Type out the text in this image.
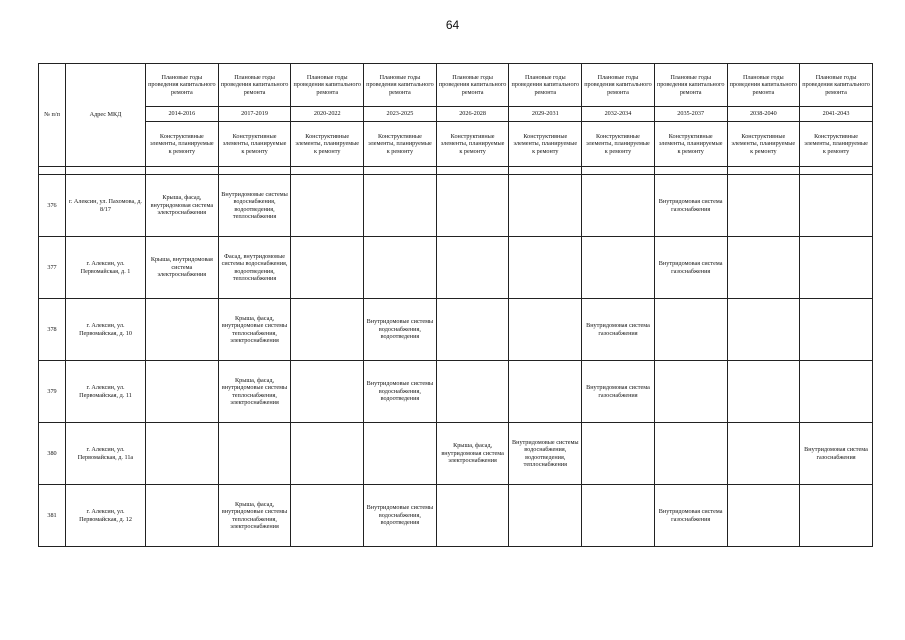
64
№ п/п	Адрес МКД	Плановые годы проведения капитального ремонта	Плановые годы проведения капитального ремонта	Плановые годы проведения капитального ремонта	Плановые годы проведения капитального ремонта	Плановые годы проведения капитального ремонта	Плановые годы проведения капитального ремонта	Плановые годы проведения капитального ремонта	Плановые годы проведения капитального ремонта	Плановые годы проведения капитального ремонта	Плановые годы проведения капитального ремонта
		2014-2016	2017-2019	2020-2022	2023-2025	2026-2028	2029-2031	2032-2034	2035-2037	2038-2040	2041-2043
		Конструктивные элементы, планируемые к ремонту	Конструктивные элементы, планируемые к ремонту	Конструктивные элементы, планируемые к ремонту	Конструктивные элементы, планируемые к ремонту	Конструктивные элементы, планируемые к ремонту	Конструктивные элементы, планируемые к ремонту	Конструктивные элементы, планируемые к ремонту	Конструктивные элементы, планируемые к ремонту	Конструктивные элементы, планируемые к ремонту	Конструктивные элементы, планируемые к ремонту

376	г. Алексин, ул. Пахомова, д. 8/17	Крыша, фасад, внутридомовая система электроснабжения	Внутридомовые системы водоснабжения, водоотведения, теплоснабжения						Внутридомовая система газоснабжения		
377	г. Алексин, ул. Первомайская, д. 1	Крыша, внутридомовая система электроснабжения	Фасад, внутридомовые системы водоснабжения, водоотведения, теплоснабжения						Внутридомовая система газоснабжения		
378	г. Алексин, ул. Первомайская, д. 10		Крыша, фасад, внутридомовые системы теплоснабжения, электроснабжения		Внутридомовые системы водоснабжения, водоотведения			Внутридомовая система газоснабжения			
379	г. Алексин, ул. Первомайская, д. 11		Крыша, фасад, внутридомовые системы теплоснабжения, электроснабжения		Внутридомовые системы водоснабжения, водоотведения			Внутридомовая система газоснабжения			
380	г. Алексин, ул. Первомайская, д. 11а					Крыша, фасад, внутридомовая система электроснабжения	Внутридомовые системы водоснабжения, водоотведения, теплоснабжения				Внутридомовая система газоснабжения
381	г. Алексин, ул. Первомайская, д. 12		Крыша, фасад, внутридомовые системы теплоснабжения, электроснабжения		Внутридомовые системы водоснабжения, водоотведения				Внутридомовая система газоснабжения		
